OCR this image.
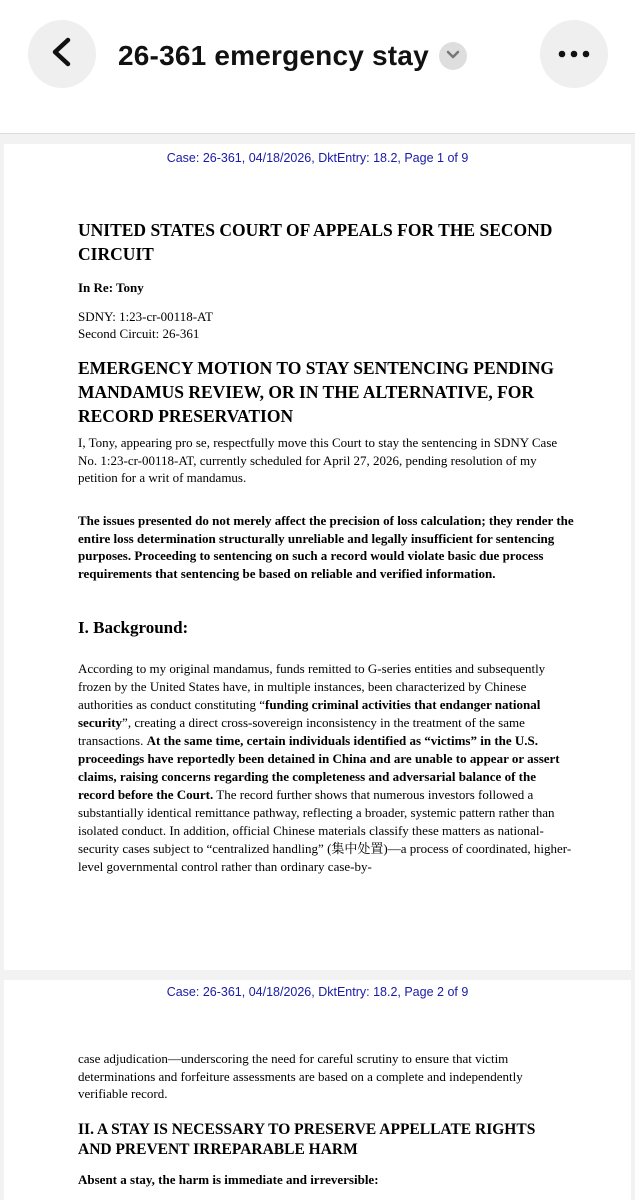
26-361 emergency stay
Case: 26-361, 04/18/2026, DktEntry: 18.2, Page 1 of 9
UNITED STATES COURT OF APPEALS FOR THE SECOND CIRCUIT
In Re: Tony
SDNY: 1:23-cr-00118-AT
Second Circuit: 26-361
EMERGENCY MOTION TO STAY SENTENCING PENDING MANDAMUS REVIEW, OR IN THE ALTERNATIVE, FOR RECORD PRESERVATION
I, Tony, appearing pro se, respectfully move this Court to stay the sentencing in SDNY Case No. 1:23-cr-00118-AT, currently scheduled for April 27, 2026, pending resolution of my petition for a writ of mandamus.
The issues presented do not merely affect the precision of loss calculation; they render the entire loss determination structurally unreliable and legally insufficient for sentencing purposes. Proceeding to sentencing on such a record would violate basic due process requirements that sentencing be based on reliable and verified information.
I. Background:
According to my original mandamus, funds remitted to G-series entities and subsequently frozen by the United States have, in multiple instances, been characterized by Chinese authorities as conduct constituting “funding criminal activities that endanger national security”, creating a direct cross-sovereign inconsistency in the treatment of the same transactions. At the same time, certain individuals identified as “victims” in the U.S. proceedings have reportedly been detained in China and are unable to appear or assert claims, raising concerns regarding the completeness and adversarial balance of the record before the Court. The record further shows that numerous investors followed a substantially identical remittance pathway, reflecting a broader, systemic pattern rather than isolated conduct. In addition, official Chinese materials classify these matters as national-security cases subject to “centralized handling” (集中处置)—a process of coordinated, higher-level governmental control rather than ordinary case-by-
Case: 26-361, 04/18/2026, DktEntry: 18.2, Page 2 of 9
case adjudication—underscoring the need for careful scrutiny to ensure that victim determinations and forfeiture assessments are based on a complete and independently verifiable record.
II. A STAY IS NECESSARY TO PRESERVE APPELLATE RIGHTS AND PREVENT IRREPARABLE HARM
Absent a stay, the harm is immediate and irreversible:
